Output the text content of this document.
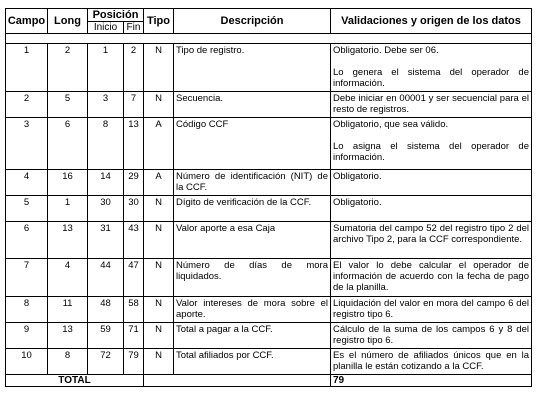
Campo	Long	Posición		Tipo	Descripción	Validaciones y origen de los datos
		Inicio	Fin			

1	2	1	2	N	Tipo de registro.	Obligatorio. Debe ser 06.

Lo genera el sistema del operador de información.

2	5	3	7	N	Secuencia.	Debe iniciar en 00001 y ser secuencial para el resto de registros.

3	6	8	13	A	Código CCF	Obligatorio, que sea válido.

Lo asigna el sistema del operador de información.

4	16	14	29	A	Número de identificación (NIT) de la CCF.	Obligatorio.

5	1	30	30	N	Dígito de verificación de la CCF.	Obligatorio.

6	13	31	43	N	Valor aporte a esa Caja	Sumatoria del campo 52 del registro tipo 2 del archivo Tipo 2, para la CCF correspondiente.

7	4	44	47	N	Número de días de mora liquidados.	El valor lo debe calcular el operador de información de acuerdo con la fecha de pago de la planilla.

8	11	48	58	N	Valor intereses de mora sobre el aporte.	Liquidación del valor en mora del campo 6 del registro tipo 6.

9	13	59	71	N	Total a pagar a la CCF.	Cálculo de la suma de los campos 6 y 8 del registro tipo 6.

10	8	72	79	N	Total afiliados por CCF.	Es el número de afiliados únicos que en la planilla le están cotizando a la CCF.

TOTAL						79
